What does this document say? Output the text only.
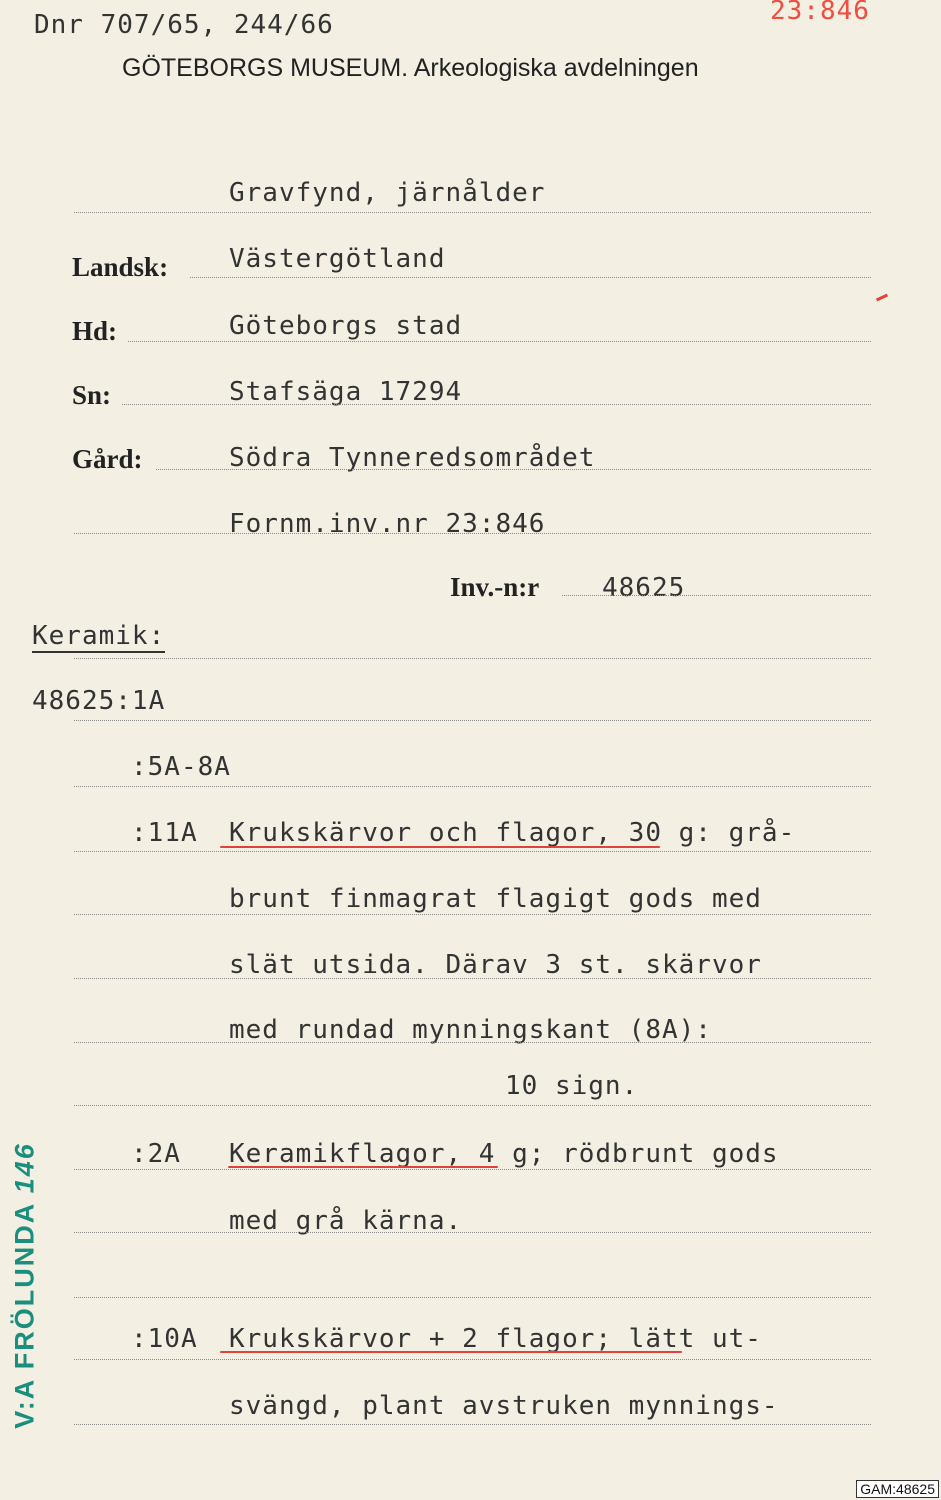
Dnr 707/65, 244/66	23:846
GÖTEBORGS MUSEUM. Arkeologiska avdelningen
Gravfynd, järnålder
Landsk: Västergötland
Hd:	Göteborgs stad
Sn:	Stafsäga 17294
Gård:	Södra Tynneredsområdet
Fornm.inv.nr 23:846
Inv.-n:r 48625
Keramik:
48625:1A
:5A-8A
:11A Krukskärvor och flagor, 30 g: grå-
brunt finmagrat flagigt gods med
slät utsida. Därav 3 st. skärvor
med rundad mynningskant (8A):
10 sign.
:2A Keramikflagor, 4 g; rödbrunt gods
med grå kärna.
:10A Krukskärvor + 2 flagor; lätt ut-
svängd, plant avstruken mynnings-
V:A FRÖLUNDA 146
GAM:48625
